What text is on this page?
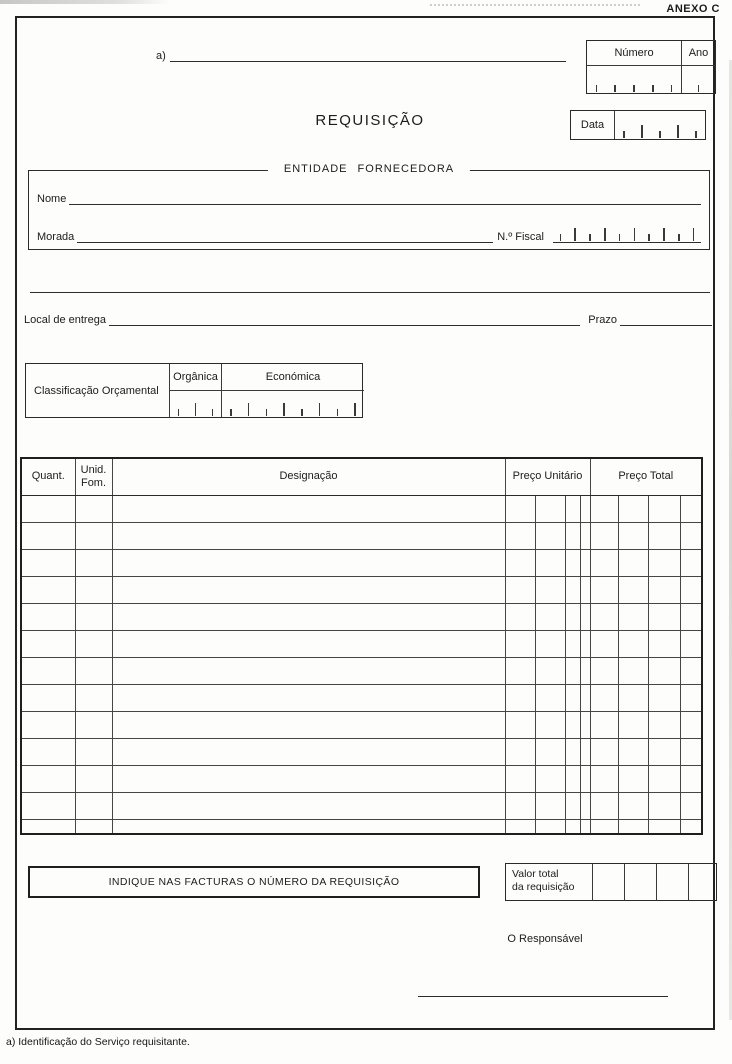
ANEXO C
a)	Número	Ano
REQUISIÇÃO	Data
ENTIDADE FORNECEDORA
Nome
Morada	N.º Fiscal
Local de entrega	Prazo
Classificação Orçamental
Orgânica	Económica
Quant.	Unid. Fom.	Designação	Preço Unitário				Preço Total			

INDIQUE NAS FACTURAS O NÚMERO DA REQUISIÇÃO
Valor total
da requisição
O Responsável
a) Identificação do Serviço requisitante.
